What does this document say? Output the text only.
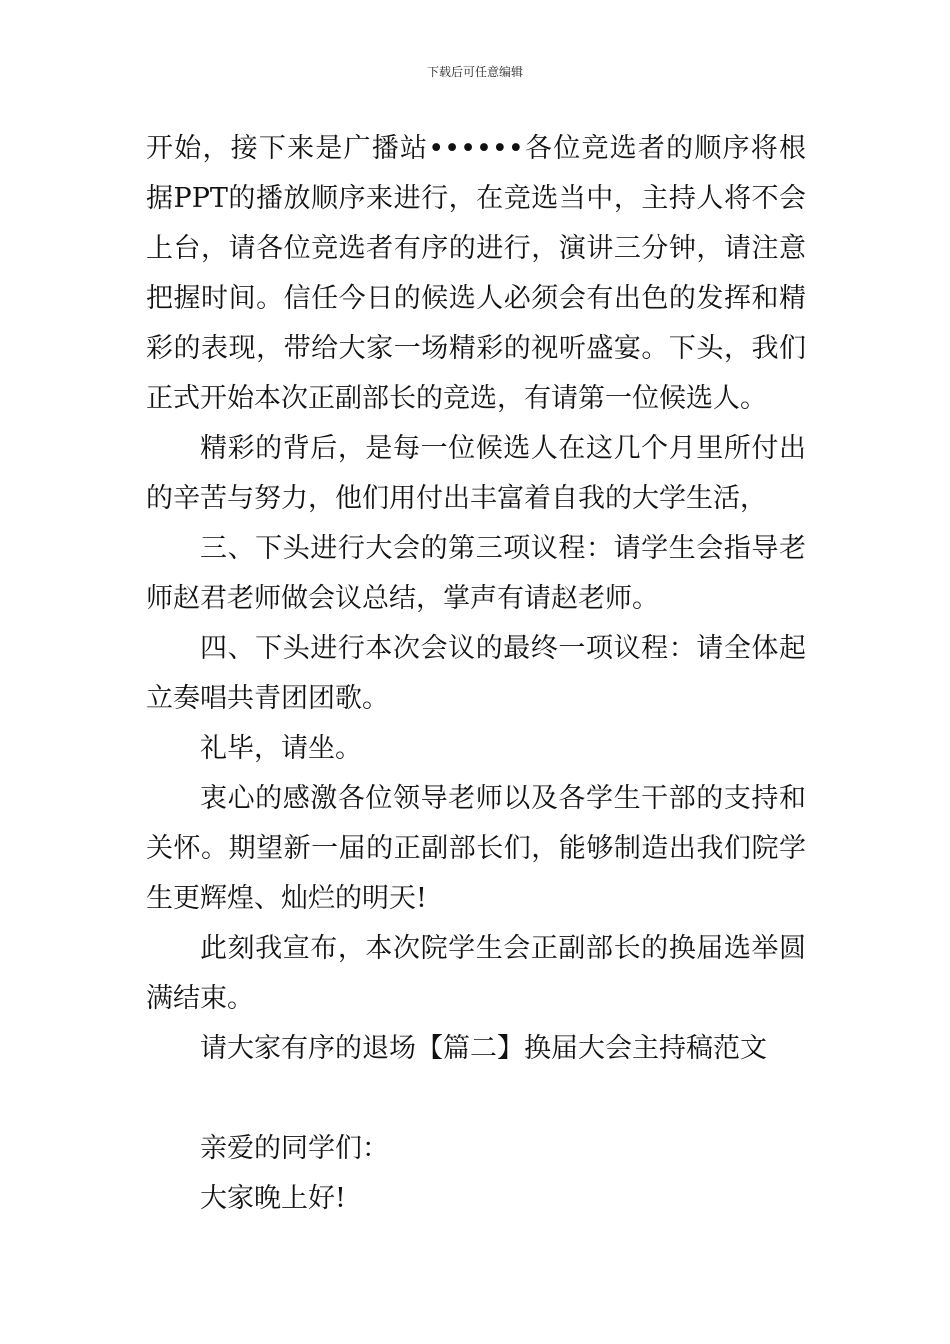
下载后可任意编辑

开始，接下来是广播站••••••各位竞选者的顺序将根据PPT的播放顺序来进行，在竞选当中，主持人将不会上台，请各位竞选者有序的进行，演讲三分钟，请注意把握时间。信任今日的候选人必须会有出色的发挥和精彩的表现，带给大家一场精彩的视听盛宴。下头，我们正式开始本次正副部长的竞选，有请第一位候选人。

精彩的背后，是每一位候选人在这几个月里所付出的辛苦与努力，他们用付出丰富着自我的大学生活，

三、下头进行大会的第三项议程：请学生会指导老师赵君老师做会议总结，掌声有请赵老师。

四、下头进行本次会议的最终一项议程：请全体起立奏唱共青团团歌。

礼毕，请坐。

衷心的感激各位领导老师以及各学生干部的支持和关怀。期望新一届的正副部长们，能够制造出我们院学生更辉煌、灿烂的明天!

此刻我宣布，本次院学生会正副部长的换届选举圆满结束。

请大家有序的退场【篇二】换届大会主持稿范文

亲爱的同学们：

大家晚上好!
